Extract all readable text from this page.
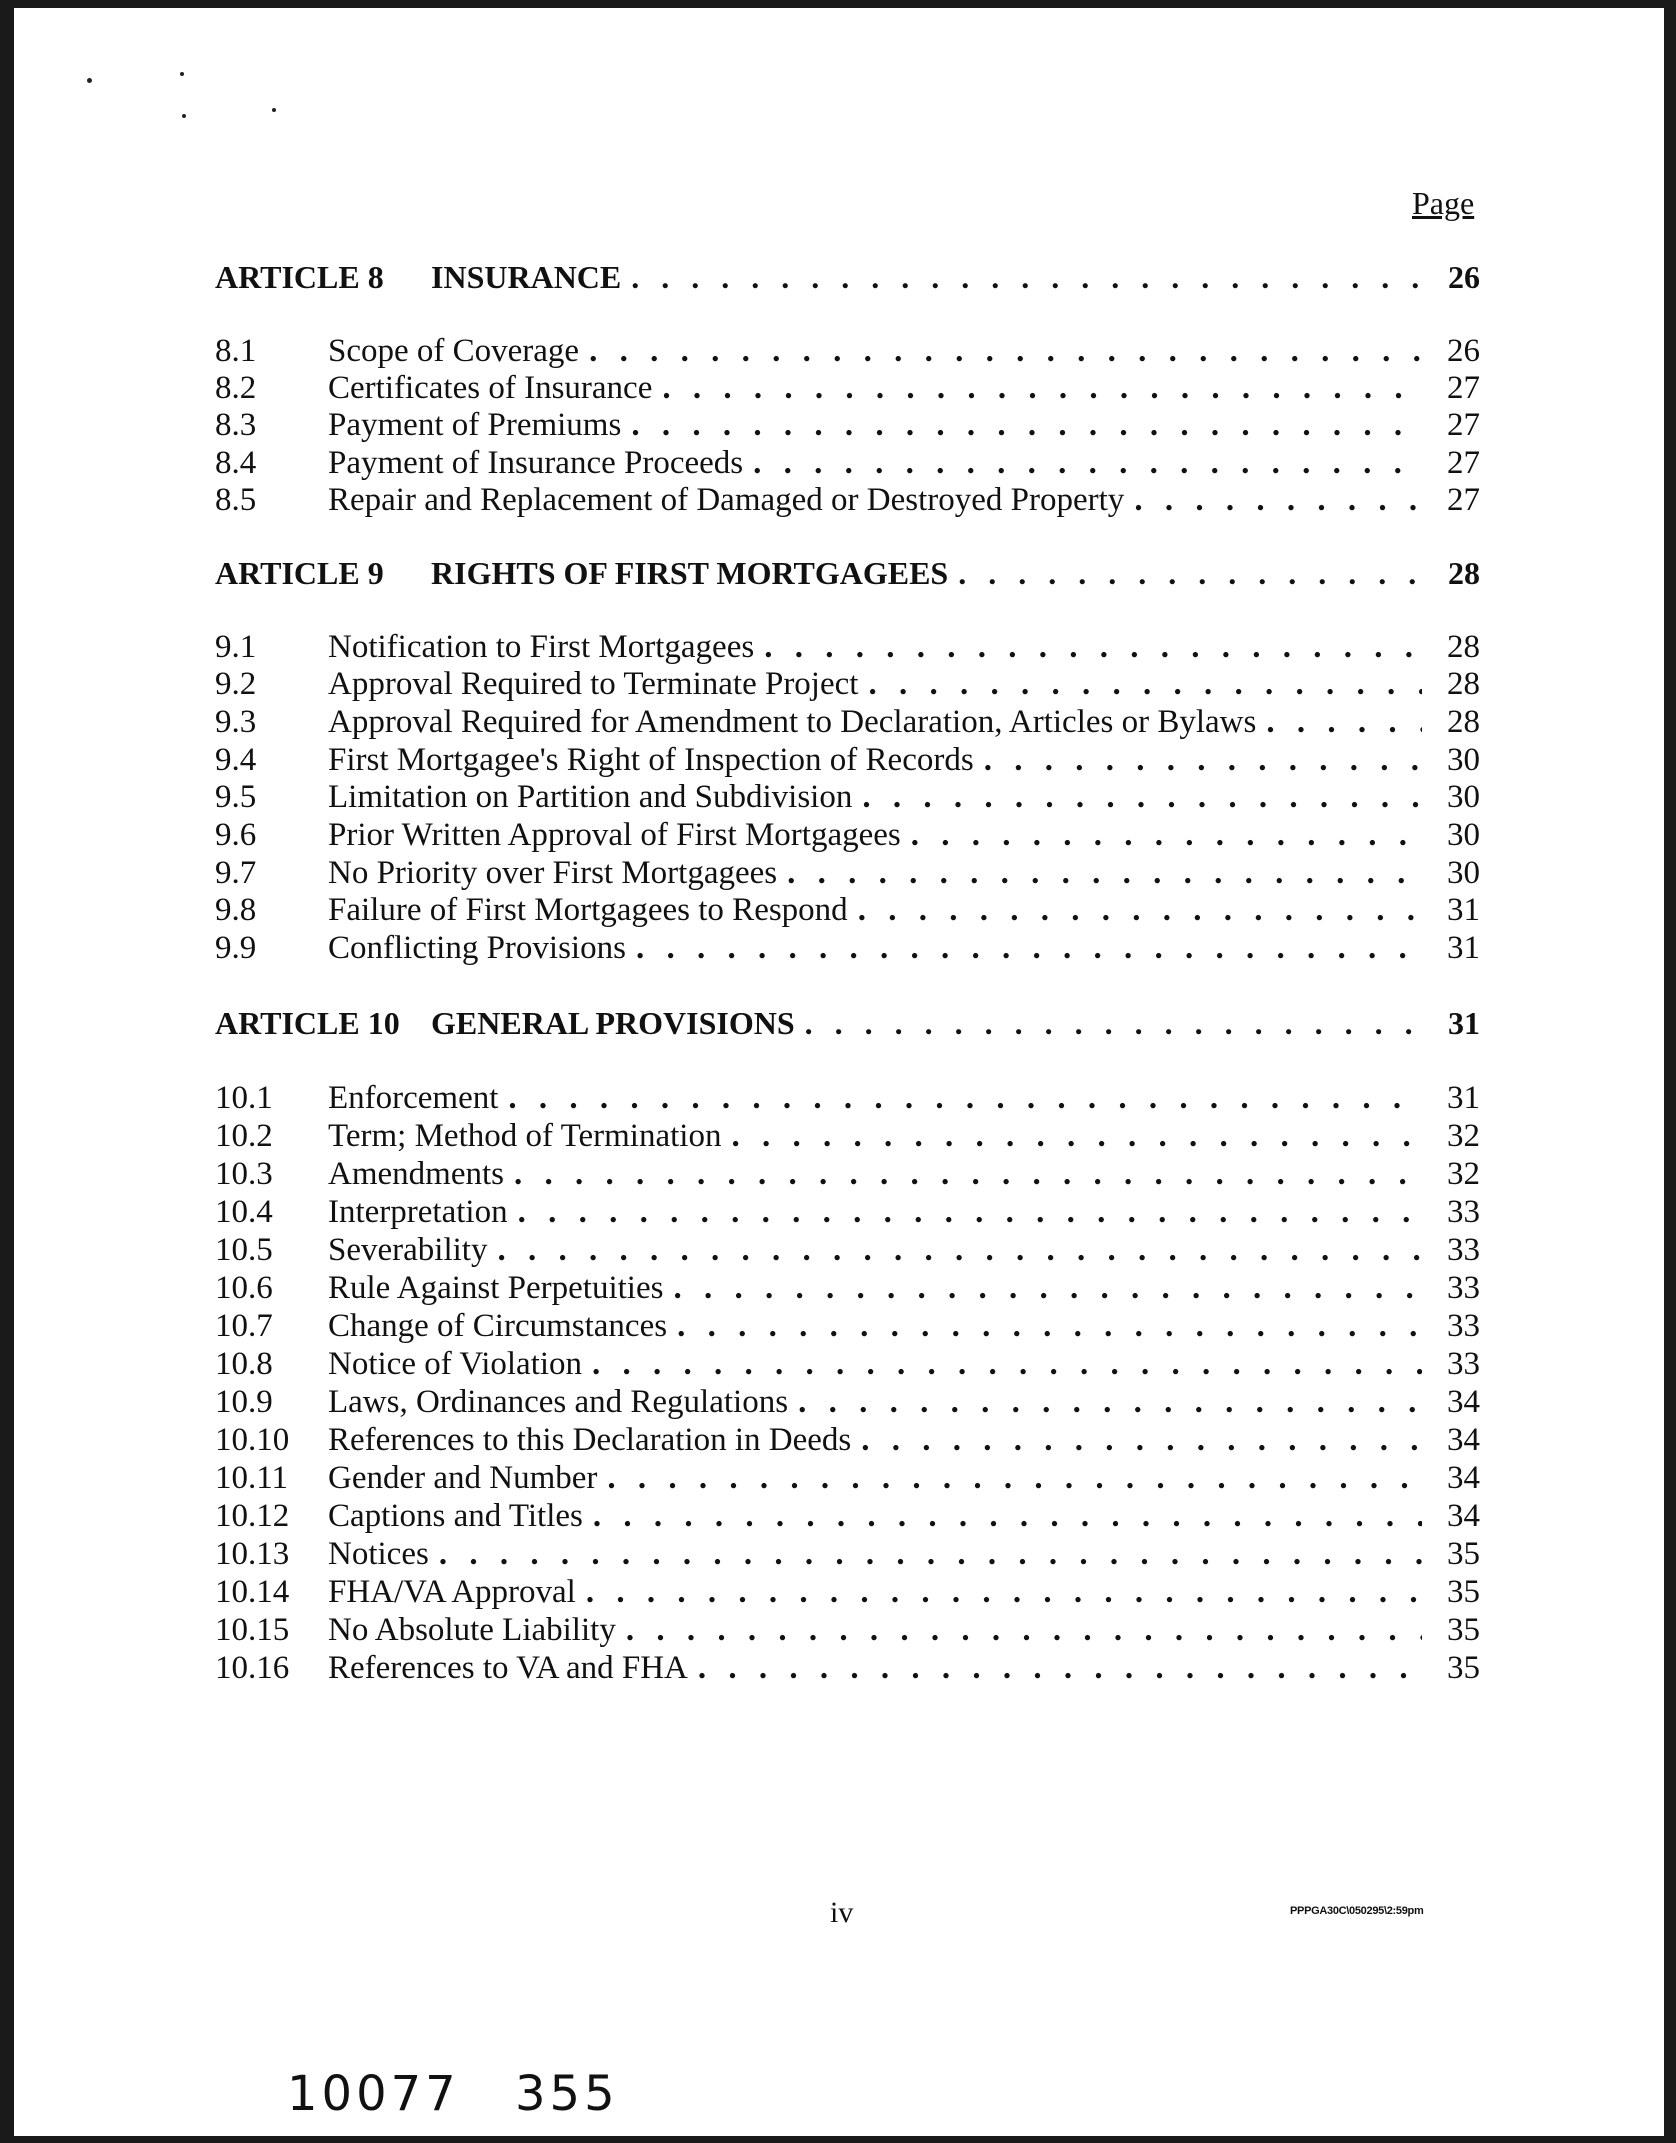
Page
ARTICLE 8	INSURANCE . . .	26
8.1	Scope of Coverage . . .	26
8.2	Certificates of Insurance . . .	27
8.3	Payment of Premiums . . .	27
8.4	Payment of Insurance Proceeds . . .	27
8.5	Repair and Replacement of Damaged or Destroyed Property . . .	27
ARTICLE 9	RIGHTS OF FIRST MORTGAGEES . . .	28
9.1	Notification to First Mortgagees . . .	28
9.2	Approval Required to Terminate Project . . .	28
9.3	Approval Required for Amendment to Declaration, Articles or Bylaws . . .	28
9.4	First Mortgagee's Right of Inspection of Records . . .	30
9.5	Limitation on Partition and Subdivision . . .	30
9.6	Prior Written Approval of First Mortgagees . . .	30
9.7	No Priority over First Mortgagees . . .	30
9.8	Failure of First Mortgagees to Respond . . .	31
9.9	Conflicting Provisions . . .	31
ARTICLE 10 GENERAL PROVISIONS . . .	31
10.1	Enforcement . . .	31
10.2	Term; Method of Termination . . .	32
10.3	Amendments . . .	32
10.4	Interpretation . . .	33
10.5	Severability . . .	33
10.6	Rule Against Perpetuities . . .	33
10.7	Change of Circumstances . . .	33
10.8	Notice of Violation . . .	33
10.9	Laws, Ordinances and Regulations . . .	34
10.10	References to this Declaration in Deeds . . .	34
10.11	Gender and Number . . .	34
10.12	Captions and Titles . . .	34
10.13	Notices . . .	35
10.14	FHA/VA Approval . . .	35
10.15	No Absolute Liability . . .	35
10.16	References to VA and FHA . . .	35
iv	PPPGA30C\050295\2:59pm
10077 355
